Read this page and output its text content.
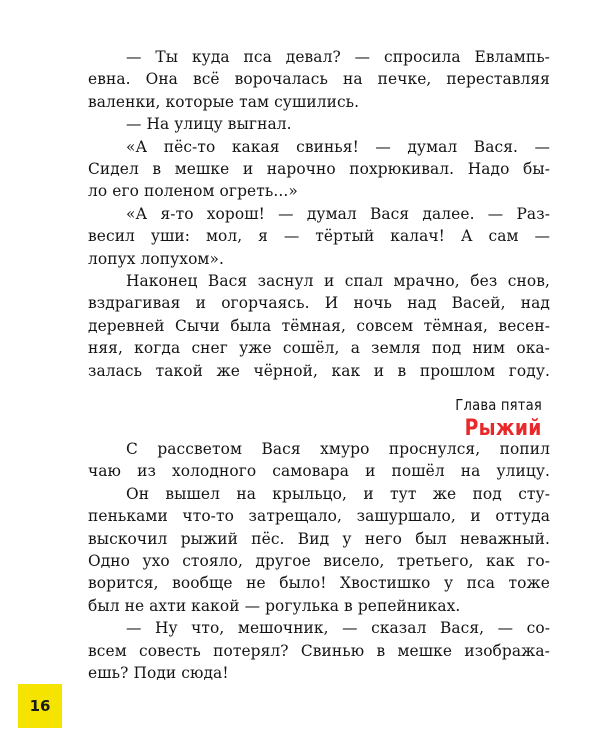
— Ты куда пса девал? — спросила Евлампь-
евна. Она всё ворочалась на печке, переставляя
валенки, которые там сушились.

— На улицу выгнал.

«А пёс-то какая свинья! — думал Вася. —
Сидел в мешке и нарочно похрюкивал. Надо бы-
ло его поленом огреть...»

«А я-то хорош! — думал Вася далее. — Раз-
весил уши: мол, я — тёртый калач! А сам —
лопух лопухом».

Наконец Вася заснул и спал мрачно, без снов,
вздрагивая и огорчаясь. И ночь над Васей, над
деревней Сычи была тёмная, совсем тёмная, весен-
няя, когда снег уже сошёл, а земля под ним ока-
залась такой же чёрной, как и в прошлом году.

Глава пятая
Рыжий

С рассветом Вася хмуро проснулся, попил
чаю из холодного самовара и пошёл на улицу.
Он вышел на крыльцо, и тут же под сту-
пеньками что-то затрещало, зашуршало, и оттуда
выскочил рыжий пёс. Вид у него был неважный.
Одно ухо стояло, другое висело, третьего, как го-
ворится, вообще не было! Хвостишко у пса тоже
был не ахти какой — рогулька в репейниках.

— Ну что, мешочник, — сказал Вася, — со-
всем совесть потерял? Свинью в мешке изобража-
ешь? Поди сюда!

16
